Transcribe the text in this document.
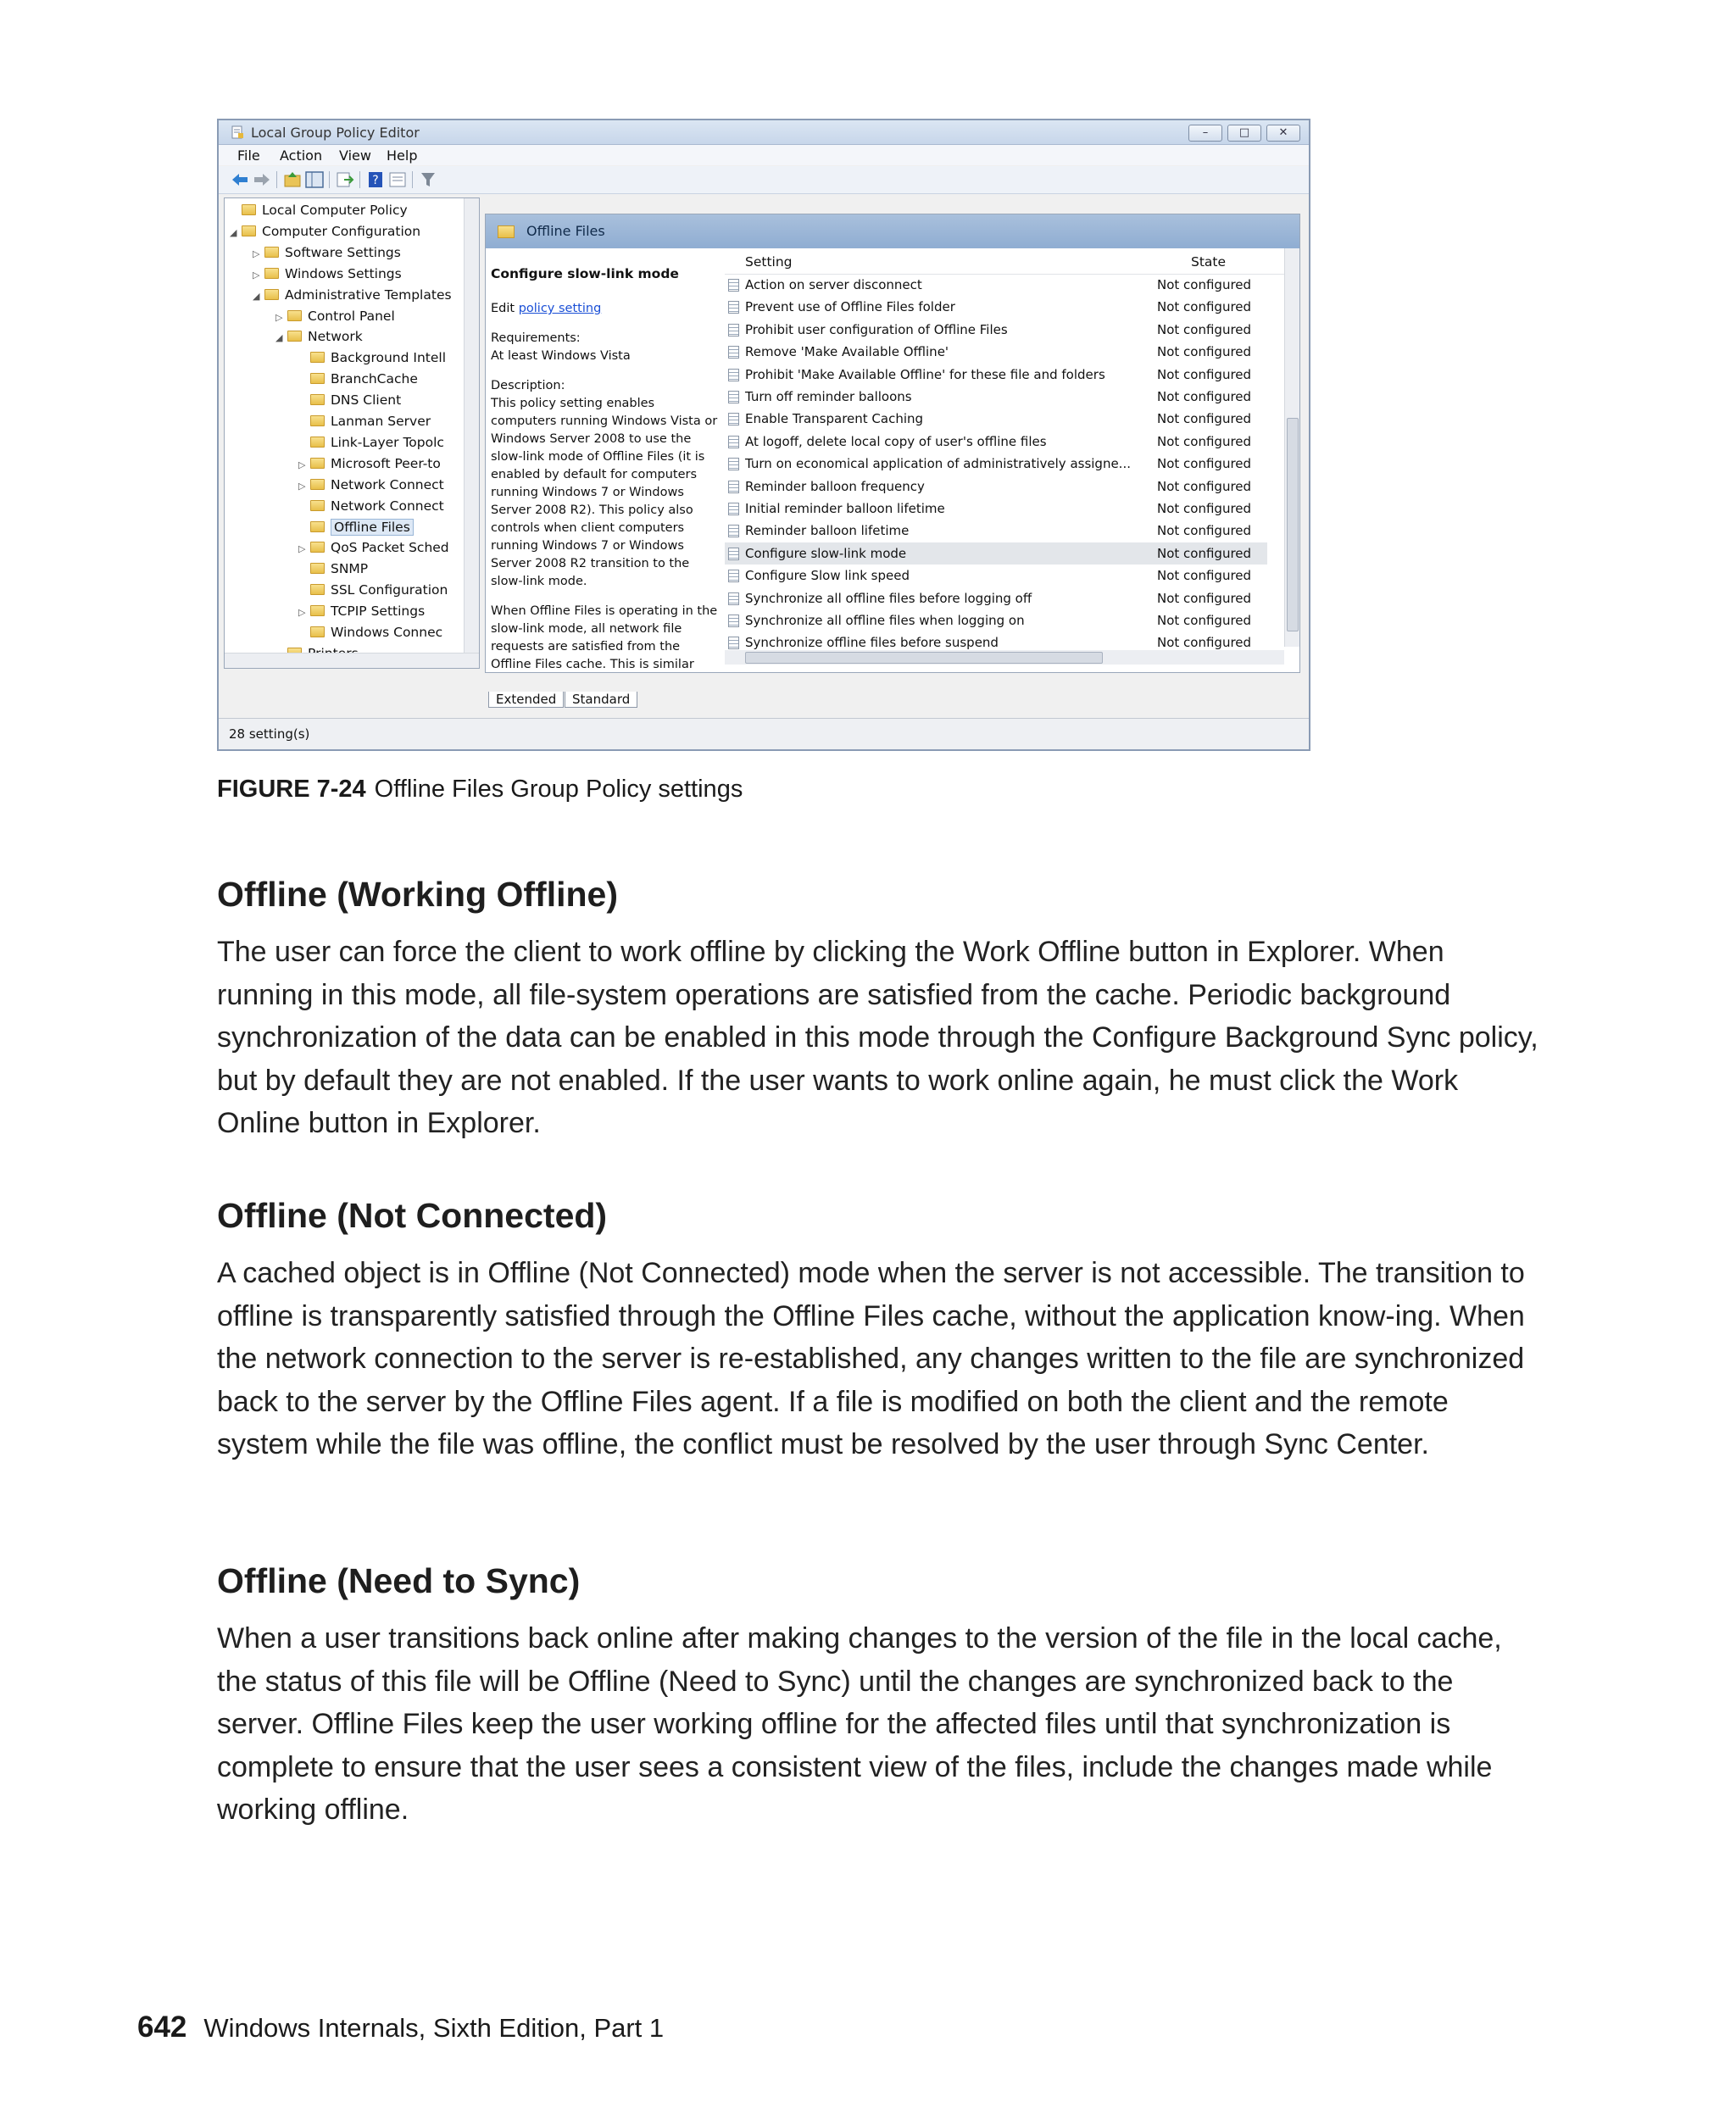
Local Group Policy Editor	–	□	✕
File Action View Help
?
Local Computer Policy
◢ Computer Configuration
▷ Software Settings
▷ Windows Settings
◢ Administrative Templates
▷ Control Panel
◢ Network
Background Intell
BranchCache
DNS Client
Lanman Server
Link-Layer Topolc
▷ Microsoft Peer-to
▷ Network Connect
Network Connect
Offline Files
▷ QoS Packet Sched
SNMP
SSL Configuration
▷ TCPIP Settings
Windows Connec
Offline Files

Configure slow-link mode

Edit policy setting

Requirements:
At least Windows Vista

Description:

This policy setting enables computers running Windows Vista or Windows Server 2008 to use the slow-link mode of Offline Files (it is enabled by default for computers running Windows 7 or Windows Server 2008 R2). This policy also controls when client computers running Windows 7 or Windows Server 2008 R2 transition to the slow-link mode.

When Offline Files is operating in the slow-link mode, all network file requests are satisfied from the Offline Files cache. This is similar

Setting	State
Action on server disconnect	Not configured
Prevent use of Offline Files folder	Not configured
Prohibit user configuration of Offline Files	Not configured
Remove 'Make Available Offline'	Not configured
Prohibit 'Make Available Offline' for these file and folders	Not configured
Turn off reminder balloons	Not configured
Enable Transparent Caching	Not configured
At logoff, delete local copy of user's offline files	Not configured
Turn on economical application of administratively assigne...	Not configured
Reminder balloon frequency	Not configured
Initial reminder balloon lifetime	Not configured
Reminder balloon lifetime	Not configured
Configure slow-link mode	Not configured
Configure Slow link speed	Not configured
Synchronize all offline files before logging off	Not configured
Synchronize all offline files when logging on	Not configured
Synchronize offline files before suspend	Not configured
Extended	Standard
28 setting(s)
FIGURE 7-24 Offline Files Group Policy settings
Offline (Working Offline)

The user can force the client to work offline by clicking the Work Offline button in Explorer. When running in this mode, all file-system operations are satisfied from the cache. Periodic background synchronization of the data can be enabled in this mode through the Configure Background Sync policy, but by default they are not enabled. If the user wants to work online again, he must click the Work Online button in Explorer.

Offline (Not Connected)

A cached object is in Offline (Not Connected) mode when the server is not accessible. The transition to offline is transparently satisfied through the Offline Files cache, without the application know-ing. When the network connection to the server is re-established, any changes written to the file are synchronized back to the server by the Offline Files agent. If a file is modified on both the client and the remote system while the file was offline, the conflict must be resolved by the user through Sync Center.

Offline (Need to Sync)

When a user transitions back online after making changes to the version of the file in the local cache, the status of this file will be Offline (Need to Sync) until the changes are synchronized back to the server. Offline Files keep the user working offline for the affected files until that synchronization is complete to ensure that the user sees a consistent view of the files, include the changes made while working offline.

642 Windows Internals, Sixth Edition, Part 1
